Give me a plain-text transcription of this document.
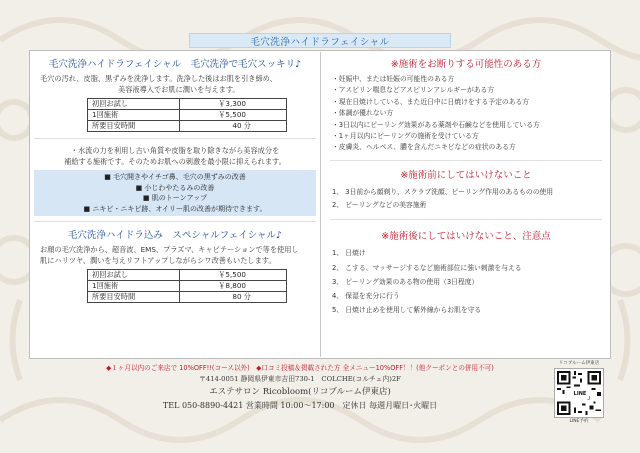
毛穴洗浄ハイドラフェイシャル
毛穴洗浄ハイドラフェイシャル　毛穴洗浄で毛穴スッキリ♪
毛穴の汚れ、皮脂、黒ずみを洗浄します。洗浄した後はお肌を引き締め、
美容液導入でお肌に潤いを与えます。
初回お試し	￥3,300
1回施術	￥5,500
所要目安時間	40 分
・水流の力を利用し古い角質や皮脂を取り除きながら美容成分を
補給する施術です。そのためお肌への刺激を最小限に抑えられます。
■ 毛穴開きやイチゴ鼻、毛穴の黒ずみの改善
■ 小じわやたるみの改善
■ 肌のトーンアップ
■ ニキビ・ニキビ跡、オイリー肌の改善が期待できます。
毛穴洗浄ハイドラ込み　スペシャルフェイシャル♪
お顔の毛穴洗浄から、超音波、EMS、プラズマ、キャビテーションで等を使用し
肌にハリツヤ、潤いを与えリフトアップしながらシワ改善もいたします。
初回お試し	￥5,500
1回施術	￥8,800
所要目安時間	80 分
※施術をお断りする可能性のある方
・妊娠中、または妊娠の可能性のある方
・アスピリン喘息などアスピリンアレルギーがある方
・現在日焼けしている、また近日中に日焼けをする予定のある方
・体調が優れない方
・3日以内にピーリング効果がある薬剤や石鹸などを使用している方
・1ヶ月以内にピーリングの施術を受けている方
・皮膚炎、ヘルペス、膿を含んだニキビなどの症状のある方
※施術前にしてはいけないこと
1、 3日前から顔剃り、スクラブ洗顔、ピーリング作用のあるものの使用
2、 ピーリングなどの美容施術
※施術後にしてはいけないこと、注意点
1、 日焼け
2、 こする、マッサージするなど施術部位に強い刺激を与える
3、 ピーリング効果のある物の使用（3日程度）
4、 保湿を充分に行う
5、 日焼け止めを使用して紫外線からお肌を守る
◆１ヶ月以内のご来店で 10%OFF!!(コース以外)　◆口コミ投稿＆掲載された方 全メニュー10%OFF！！(他クーポンとの併用不可)
〒414-0051 静岡県伊東市吉田730-1　COLCHE(コルチェ内)2F
エステサロン Ricobloom(リコブルーム伊東店)
TEL 050-8890-4421 営業時間 10:00～17:00　定休日 毎週月曜日･火曜日
リコブルーム伊東店
LINE
LINE予約
